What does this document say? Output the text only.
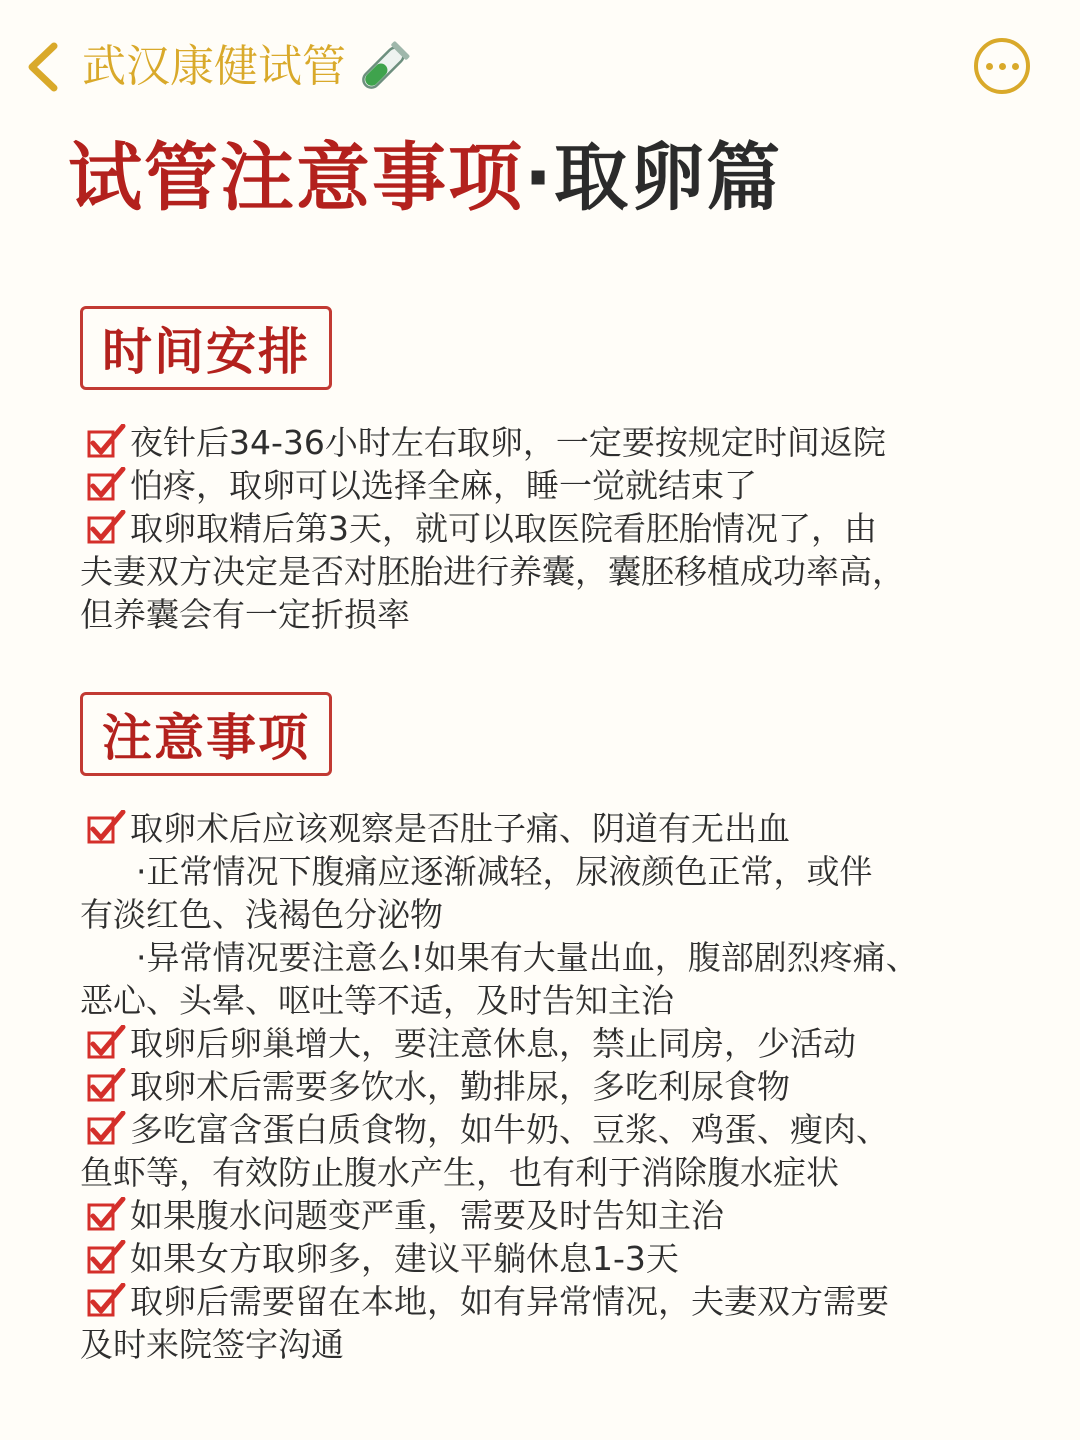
武汉康健试管
试管注意事项·取卵篇
时间安排
夜针后34-36小时左右取卵，一定要按规定时间返院
怕疼，取卵可以选择全麻，睡一觉就结束了
取卵取精后第3天，就可以取医院看胚胎情况了，由
夫妻双方决定是否对胚胎进行养囊，囊胚移植成功率高，
但养囊会有一定折损率
注意事项
取卵术后应该观察是否肚子痛、阴道有无出血
·正常情况下腹痛应逐渐减轻，尿液颜色正常，或伴
有淡红色、浅褐色分泌物
·异常情况要注意么!如果有大量出血，腹部剧烈疼痛、
恶心、头晕、呕吐等不适，及时告知主治
取卵后卵巢增大，要注意休息，禁止同房，少活动
取卵术后需要多饮水，勤排尿，多吃利尿食物
多吃富含蛋白质食物，如牛奶、豆浆、鸡蛋、瘦肉、
鱼虾等，有效防止腹水产生，也有利于消除腹水症状
如果腹水问题变严重，需要及时告知主治
如果女方取卵多，建议平躺休息1-3天
取卵后需要留在本地，如有异常情况，夫妻双方需要
及时来院签字沟通
